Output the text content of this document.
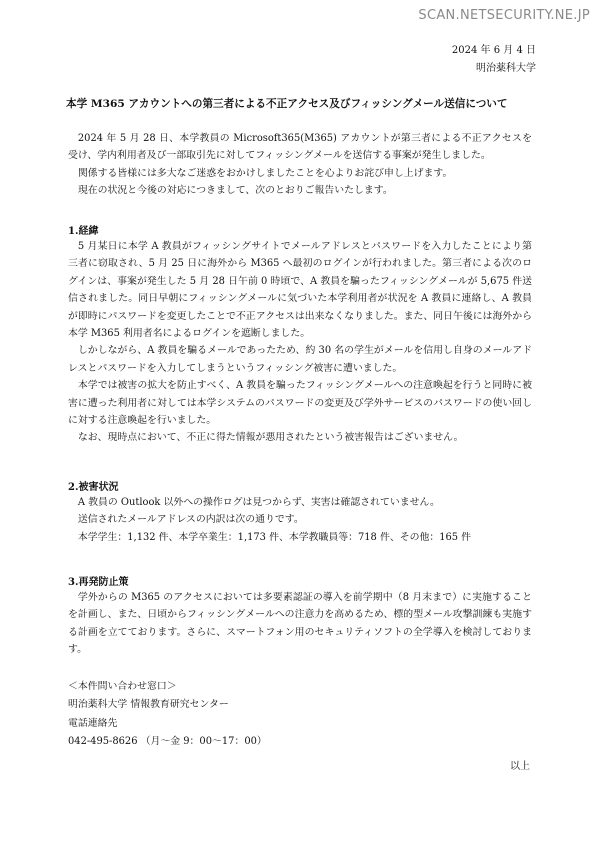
SCAN.NETSECURITY.NE.JP
2024 年 6 月 4 日
明治薬科大学
本学 M365 アカウントへの第三者による不正アクセス及びフィッシングメール送信について

2024 年 5 月 28 日、本学教員の Microsoft365(M365) アカウントが第三者による不正アクセスを受け、学内利用者及び一部取引先に対してフィッシングメールを送信する事案が発生しました。

関係する皆様には多大なご迷惑をおかけしましたことを心よりお詫び申し上げます。

現在の状況と今後の対応につきまして、次のとおりご報告いたします。

1.経緯

5 月某日に本学 A 教員がフィッシングサイトでメールアドレスとパスワードを入力したことにより第三者に窃取され、5 月 25 日に海外から M365 へ最初のログインが行われました。第三者による次のログインは、事案が発生した 5 月 28 日午前 0 時頃で、A 教員を騙ったフィッシングメールが 5,675 件送信されました。同日早朝にフィッシングメールに気づいた本学利用者が状況を A 教員に連絡し、A 教員が即時にパスワードを変更したことで不正アクセスは出来なくなりました。また、同日午後には海外から本学 M365 利用者名によるログインを遮断しました。

しかしながら、A 教員を騙るメールであったため、約 30 名の学生がメールを信用し自身のメールアドレスとパスワードを入力してしまうというフィッシング被害に遭いました。

本学では被害の拡大を防止すべく、A 教員を騙ったフィッシングメールへの注意喚起を行うと同時に被害に遭った利用者に対しては本学システムのパスワードの変更及び学外サービスのパスワードの使い回しに対する注意喚起を行いました。

なお、現時点において、不正に得た情報が悪用されたという被害報告はございません。

2.被害状況

A 教員の Outlook 以外への操作ログは見つからず、実害は確認されていません。

送信されたメールアドレスの内訳は次の通りです。

本学学生：1,132 件、本学卒業生：1,173 件、本学教職員等：718 件、その他：165 件

3.再発防止策

学外からの M365 のアクセスにおいては多要素認証の導入を前学期中（8 月末まで）に実施することを計画し、また、日頃からフィッシングメールへの注意力を高めるため、標的型メール攻撃訓練も実施する計画を立てております。さらに、スマートフォン用のセキュリティソフトの全学導入を検討しております。

＜本件問い合わせ窓口＞
明治薬科大学 情報教育研究センター
電話連絡先
042-495-8626 （月～金 9：00～17：00）
以上
